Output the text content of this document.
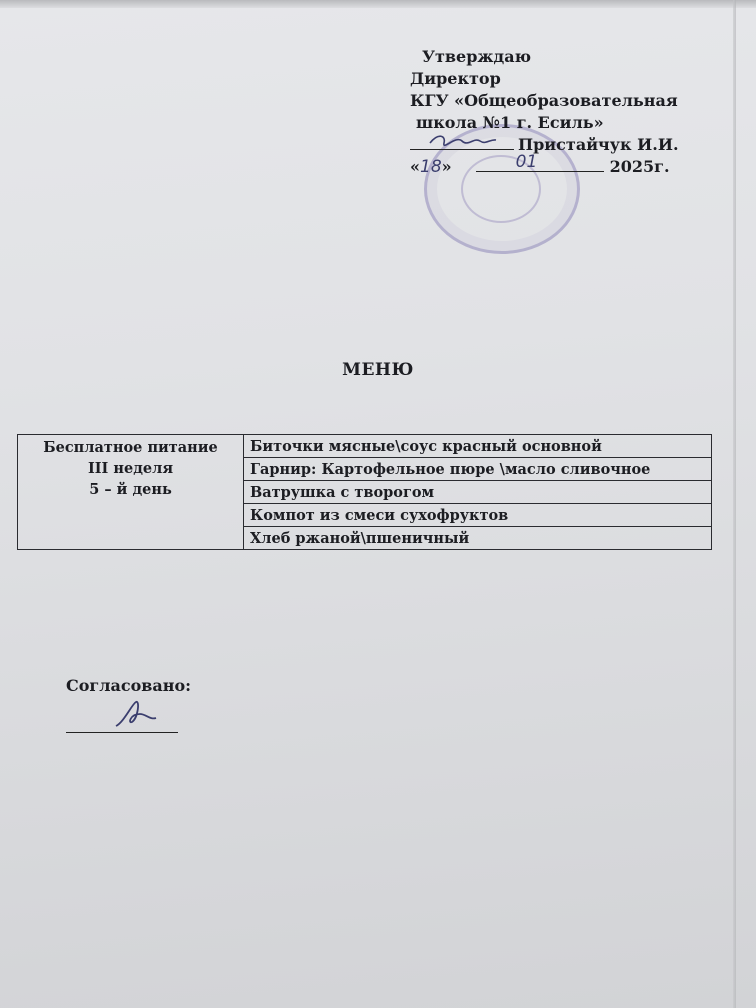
Утверждаю
Директор
КГУ «Общеобразовательная
школа №1 г. Есиль»
Пристайчук И.И.
«18»	01	2025г.
МЕНЮ
Бесплатное питание
III неделя
5 – й день
	Биточки мясные\соус красный основной
Гарнир: Картофельное пюре \масло сливочное
Ватрушка с творогом
Компот из смеси сухофруктов
Хлеб ржаной\пшеничный
Согласовано:
